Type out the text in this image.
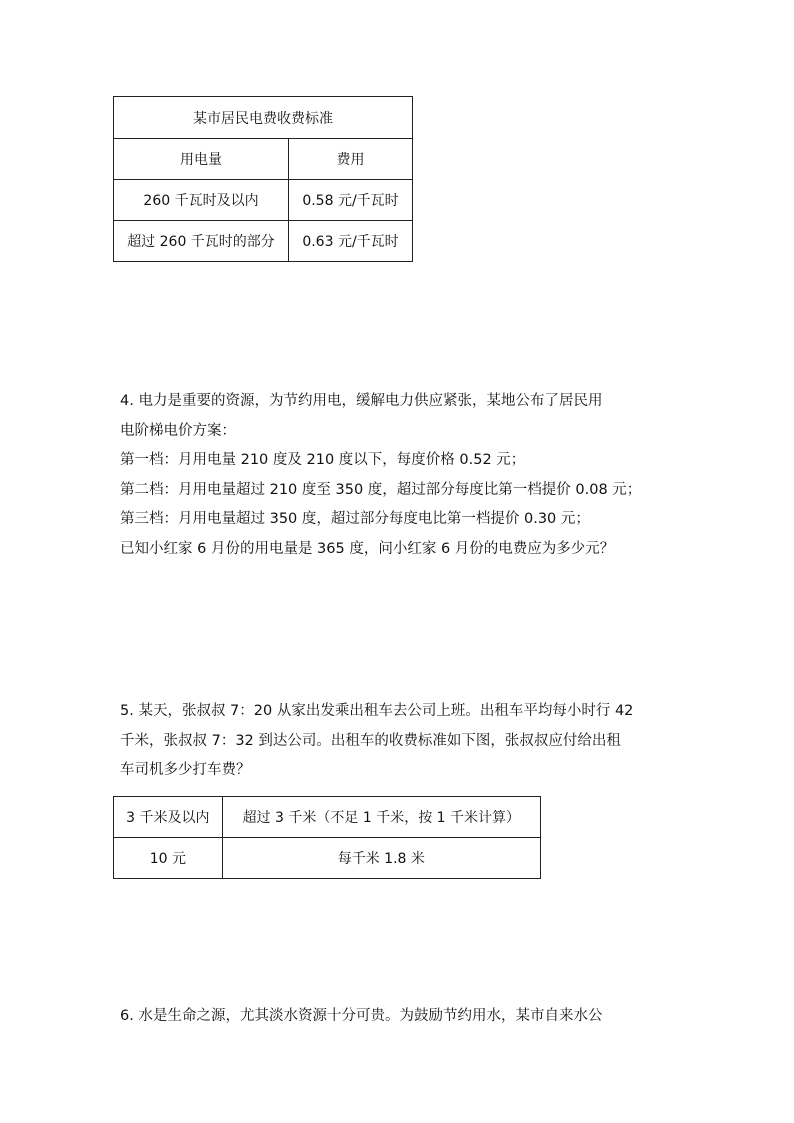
某市居民电费收费标准	
用电量	费用
260 千瓦时及以内	0.58 元/千瓦时
超过 260 千瓦时的部分	0.63 元/千瓦时

4. 电力是重要的资源，为节约用电，缓解电力供应紧张，某地公布了居民用

电阶梯电价方案：

第一档：月用电量 210 度及 210 度以下，每度价格 0.52 元；

第二档：月用电量超过 210 度至 350 度，超过部分每度比第一档提价 0.08 元；

第三档：月用电量超过 350 度，超过部分每度电比第一档提价 0.30 元；

已知小红家 6 月份的用电量是 365 度，问小红家 6 月份的电费应为多少元？

5. 某天，张叔叔 7：20 从家出发乘出租车去公司上班。出租车平均每小时行 42

千米，张叔叔 7：32 到达公司。出租车的收费标准如下图，张叔叔应付给出租

车司机多少打车费？

3 千米及以内	超过 3 千米（不足 1 千米，按 1 千米计算）
10 元	每千米 1.8 米

6. 水是生命之源，尤其淡水资源十分可贵。为鼓励节约用水，某市自来水公
